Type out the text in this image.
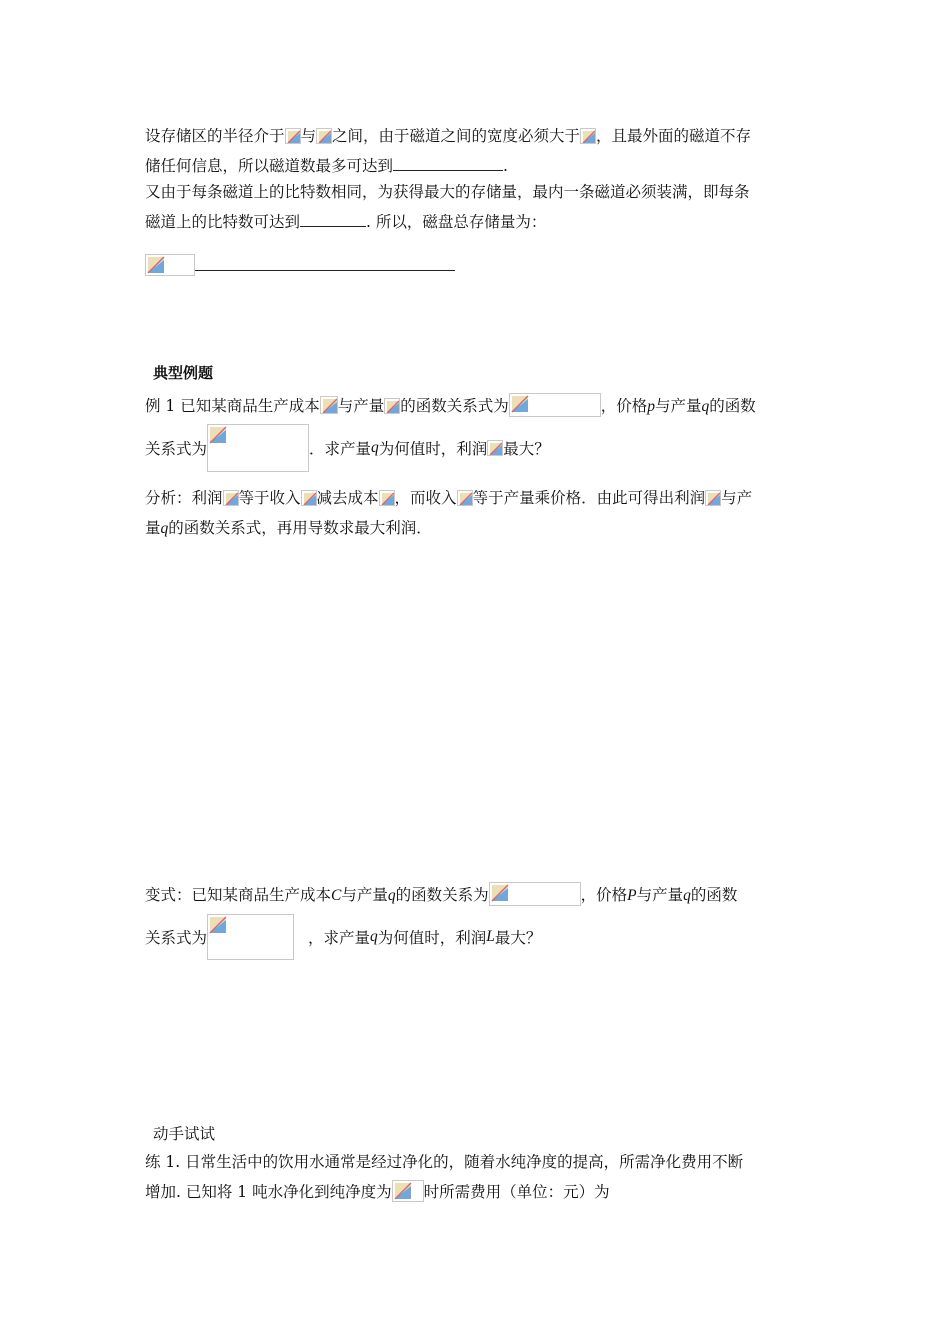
设存储区的半径介于 与 之间，由于磁道之间的宽度必须大于 ，且最外面的磁道不存
储任何信息，所以磁道数最多可达到	.
又由于每条磁道上的比特数相同，为获得最大的存储量，最内一条磁道必须装满，即每条
磁道上的比特数可达到	. 所以，磁盘总存储量为：
典型例题
例 1 已知某商品生产成本 与产量 的函数关系式为	，价格p与产量q的函数
关系式为	．求产量q为何值时，利润 最大？
分析：利润 等于收入 减去成本 ，而收入 等于产量乘价格．由此可得出利润 与产
量q的函数关系式，再用导数求最大利润．
变式：已知某商品生产成本C与产量q的函数关系为	，价格P与产量q的函数
关系式为	，求产量q为何值时，利润L最大？
动手试试
练 1. 日常生活中的饮用水通常是经过净化的，随着水纯净度的提高，所需净化费用不断
增加. 已知将 1 吨水净化到纯净度为 时所需费用（单位：元）为
